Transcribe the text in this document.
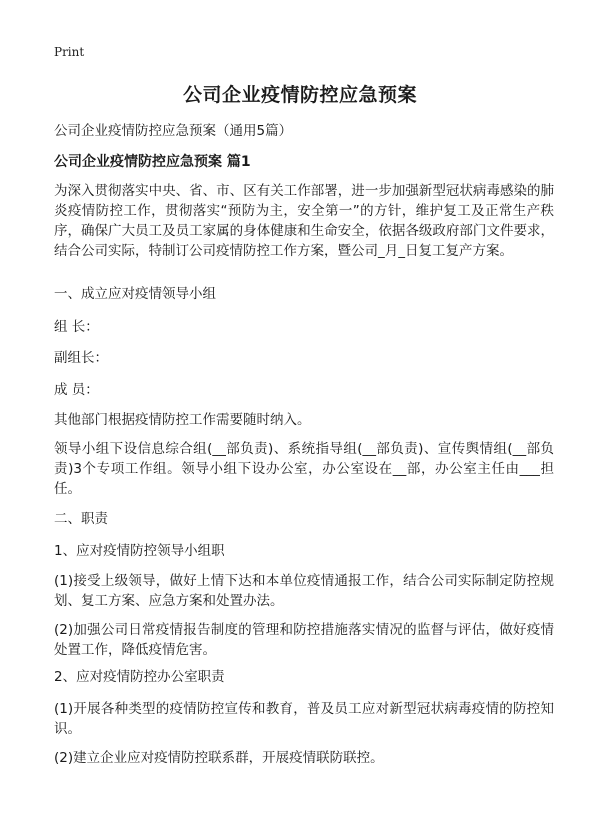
Print
公司企业疫情防控应急预案
公司企业疫情防控应急预案（通用5篇）
公司企业疫情防控应急预案 篇1
为深入贯彻落实中央、省、市、区有关工作部署，进一步加强新型冠状病毒感染的肺炎疫情防控工作，贯彻落实“预防为主，安全第一”的方针，维护复工及正常生产秩序，确保广大员工及员工家属的身体健康和生命安全，依据各级政府部门文件要求，结合公司实际，特制订公司疫情防控工作方案，暨公司_月_日复工复产方案。
一、成立应对疫情领导小组
组 长：
副组长：
成 员：
其他部门根据疫情防控工作需要随时纳入。
领导小组下设信息综合组(__部负责)、系统指导组(__部负责)、宣传舆情组(__部负责)3个专项工作组。领导小组下设办公室，办公室设在__部，办公室主任由___担任。
二、职责
1、应对疫情防控领导小组职
(1)接受上级领导，做好上情下达和本单位疫情通报工作，结合公司实际制定防控规划、复工方案、应急方案和处置办法。
(2)加强公司日常疫情报告制度的管理和防控措施落实情况的监督与评估，做好疫情处置工作，降低疫情危害。
2、应对疫情防控办公室职责
(1)开展各种类型的疫情防控宣传和教育，普及员工应对新型冠状病毒疫情的防控知识。
(2)建立企业应对疫情防控联系群，开展疫情联防联控。
